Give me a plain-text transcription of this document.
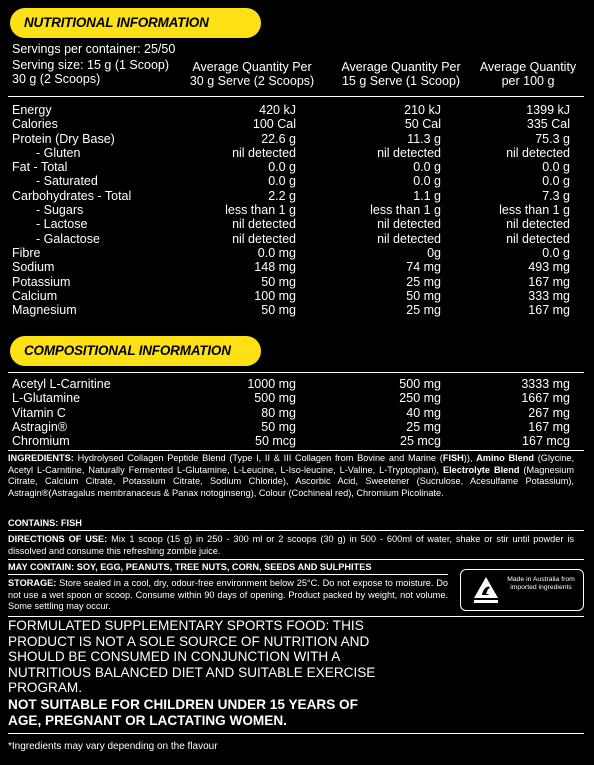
NUTRITIONAL INFORMATION
Servings per container: 25/50
Serving size: 15 g (1 Scoop)
30 g (2 Scoops)
Average Quantity Per
30 g Serve (2 Scoops)
Average Quantity Per
15 g Serve (1 Scoop)
Average Quantity
per 100 g
Energy	420 kJ	210 kJ	1399 kJ
Calories	100 Cal	50 Cal	335 Cal
Protein (Dry Base)	22.6 g	11.3 g	75.3 g
- Gluten	nil detected	nil detected	nil detected
Fat - Total	0.0 g	0.0 g	0.0 g
- Saturated	0.0 g	0.0 g	0.0 g
Carbohydrates - Total	2.2 g	1.1 g	7.3 g
- Sugars	less than 1 g	less than 1 g	less than 1 g
- Lactose	nil detected	nil detected	nil detected
- Galactose	nil detected	nil detected	nil detected
Fibre	0.0 mg	0g	0.0 g
Sodium	148 mg	74 mg	493 mg
Potassium	50 mg	25 mg	167 mg
Calcium	100 mg	50 mg	333 mg
Magnesium	50 mg	25 mg	167 mg
COMPOSITIONAL INFORMATION
Acetyl L-Carnitine	1000 mg	500 mg	3333 mg
L-Glutamine	500 mg	250 mg	1667 mg
Vitamin C	80 mg	40 mg	267 mg
Astragin®	50 mg	25 mg	167 mg
Chromium	50 mcg	25 mcg	167 mcg
INGREDIENTS: Hydrolysed Collagen Peptide Blend (Type I, II & III Collagen from Bovine and Marine (FISH)), Amino Blend (Glycine, Acetyl L-Carnitine, Naturally Fermented L-Glutamine, L-Leucine, L-Iso-leucine, L-Valine, L-Tryptophan), Electrolyte Blend (Magnesium Citrate, Calcium Citrate, Potassium Citrate, Sodium Chloride), Ascorbic Acid, Sweetener (Sucrulose, Acesulfame Potassium), Astragin®(Astragalus membranaceus & Panax notoginseng), Colour (Cochineal red), Chromium Picolinate.
CONTAINS: FISH
DIRECTIONS OF USE: Mix 1 scoop (15 g) in 250 - 300 ml or 2 scoops (30 g) in 500 - 600ml of water, shake or stir until powder is dissolved and consume this refreshing zombie juice.
MAY CONTAIN: SOY, EGG, PEANUTS, TREE NUTS, CORN, SEEDS AND SULPHITES
STORAGE: Store sealed in a cool, dry, odour-free environment below 25°C. Do not expose to moisture. Do not use a wet spoon or scoop. Consume within 90 days of opening. Product packed by weight, not volume. Some settling may occur.
Made in Australia from imported ingredients
FORMULATED SUPPLEMENTARY SPORTS FOOD: THIS PRODUCT IS NOT A SOLE SOURCE OF NUTRITION AND SHOULD BE CONSUMED IN CONJUNCTION WITH A NUTRITIOUS BALANCED DIET AND SUITABLE EXERCISE PROGRAM.
NOT SUITABLE FOR CHILDREN UNDER 15 YEARS OF AGE, PREGNANT OR LACTATING WOMEN.
*Ingredients may vary depending on the flavour
